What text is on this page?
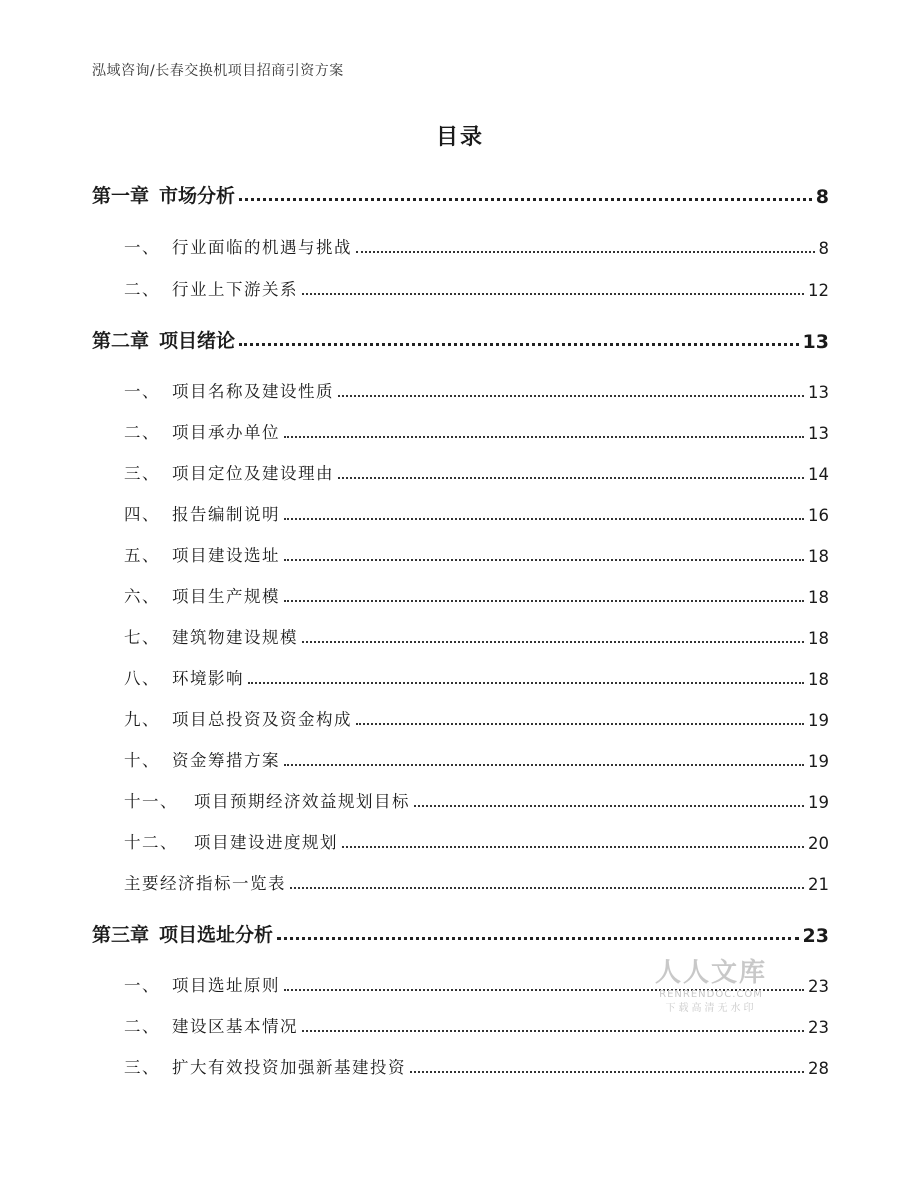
泓域咨询/长春交换机项目招商引资方案
目录
第一章 市场分析	8
一、 行业面临的机遇与挑战	8
二、 行业上下游关系	12
第二章 项目绪论	13
一、 项目名称及建设性质	13
二、 项目承办单位	13
三、 项目定位及建设理由	14
四、 报告编制说明	16
五、 项目建设选址	18
六、 项目生产规模	18
七、 建筑物建设规模	18
八、 环境影响	18
九、 项目总投资及资金构成	19
十、 资金筹措方案	19
十一、 项目预期经济效益规划目标	19
十二、 项目建设进度规划	20
主要经济指标一览表	21
第三章 项目选址分析	23
一、 项目选址原则	23
二、 建设区基本情况	23
三、 扩大有效投资加强新基建投资	28
人人文库
RENRENDOC.COM
下载高清无水印
